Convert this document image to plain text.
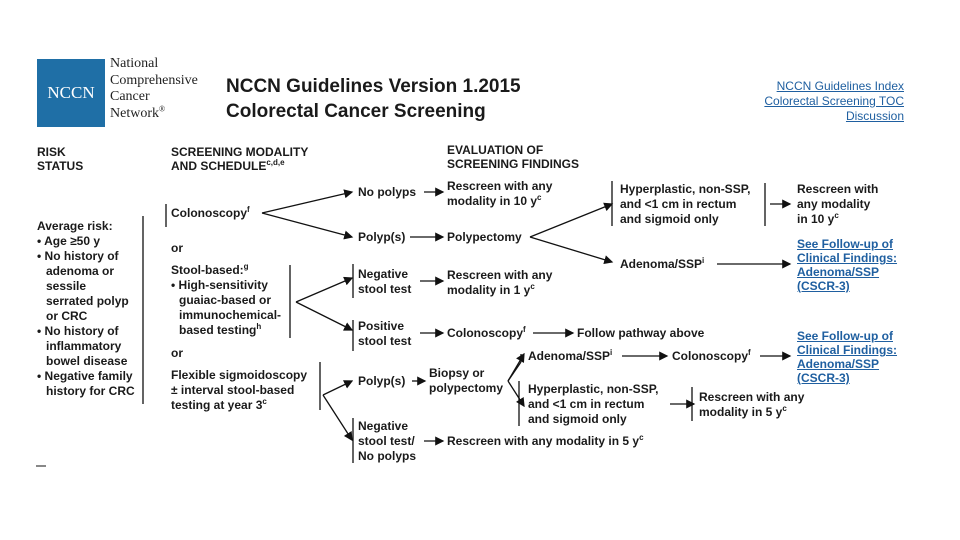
NCCN
National
Comprehensive
Cancer
Network®
NCCN Guidelines Version 1.2015
Colorectal Cancer Screening
NCCN Guidelines Index
Colorectal Screening TOC
Discussion
RISK
STATUS
SCREENING MODALITY
AND SCHEDULE$^{c,d,e}$
EVALUATION OF
SCREENING FINDINGS
Average risk:
• Age ≥50 y
• No history of
adenoma or
sessile
serrated polyp
or CRC
• No history of
inflammatory
bowel disease
• Negative family
history for CRC
Colonoscopy$^f$
or
Stool-based:$^g$
• High-sensitivity
guaiac-based or
immunochemical-
based testing$^h$
or
Flexible sigmoidoscopy
± interval stool-based
testing at year 3$^c$
No polyps
Polyp(s)
Negative
stool test
Positive
stool test
Polyp(s)
Negative
stool test/
No polyps
Rescreen with any
modality in 10 $y^c$
Polypectomy
Rescreen with any
modality in 1 $y^c$
Colonoscopy$^f$	Follow pathway above
Biopsy or
polypectomy
Rescreen with any modality in 5 $y^c$
Hyperplastic, non-SSP,
and <1 cm in rectum
and sigmoid only
Rescreen with
any modality
in 10 $y^c$
Adenoma/SSP$^i$
Adenoma/SSP$^i$	Colonoscopy$^f$
Hyperplastic, non-SSP,
and <1 cm in rectum
and sigmoid only
Rescreen with any
modality in 5 $y^c$
See Follow-up of
Clinical Findings:
Adenoma/SSP
(CSCR-3)
See Follow-up of
Clinical Findings:
Adenoma/SSP
(CSCR-3)
